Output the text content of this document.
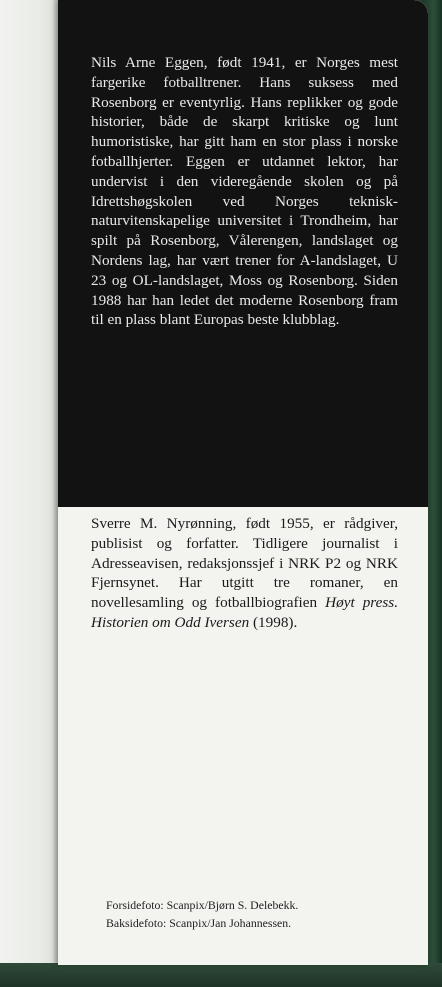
Nils Arne Eggen, født 1941, er Norges mest fargerike fotballtrener. Hans suksess med Rosenborg er eventyrlig. Hans replikker og gode historier, både de skarpt kritiske og lunt humoristiske, har gitt ham en stor plass i norske fotballhjerter. Eggen er utdannet lektor, har undervist i den videregående skolen og på Idrettshøgskolen ved Norges teknisk-naturvitenskapelige universitet i Trondheim, har spilt på Rosenborg, Vålerengen, landslaget og Nordens lag, har vært trener for A-landslaget, U 23 og OL-landslaget, Moss og Rosenborg. Siden 1988 har han ledet det moderne Rosenborg fram til en plass blant Europas beste klubblag.

Sverre M. Nyrønning, født 1955, er rådgiver, publisist og forfatter. Tidligere journalist i Adresseavisen, redaksjonssjef i NRK P2 og NRK Fjernsynet. Har utgitt tre romaner, en novellesamling og fotballbiografien Høyt press. Historien om Odd Iversen (1998).

Forsidefoto: Scanpix/Bjørn S. Delebekk.
Baksidefoto: Scanpix/Jan Johannessen.
